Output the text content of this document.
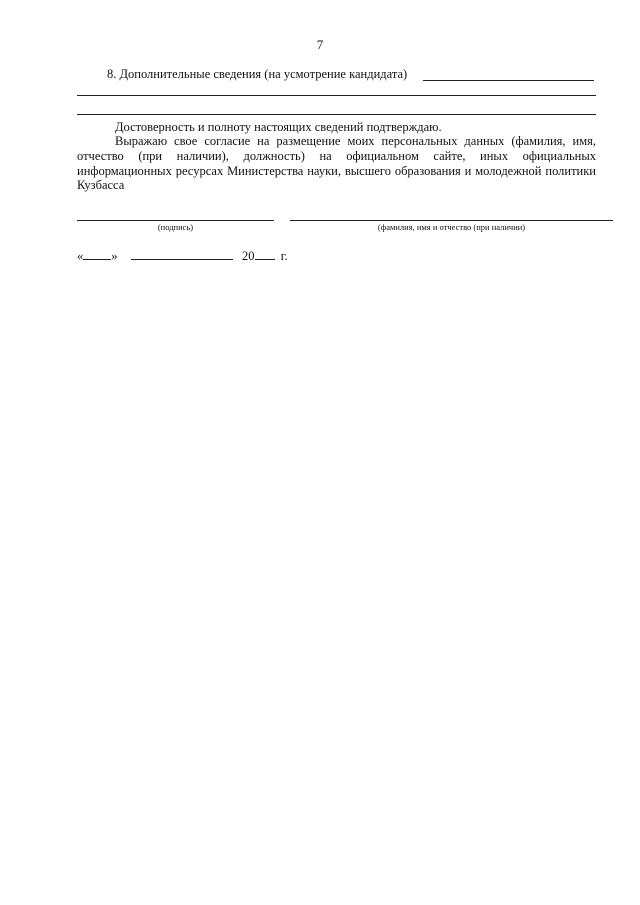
7
8. Дополнительные сведения (на усмотрение кандидата)
Достоверность и полноту настоящих сведений подтверждаю.
Выражаю свое согласие на размещение моих персональных данных (фамилия, имя, отчество (при наличии), должность) на официальном сайте, иных официальных информационных ресурсах Министерства науки, высшего образования и молодежной политики Кузбасса
(подпись)	(фамилия, имя и отчество (при наличии)
« »	20 г.
